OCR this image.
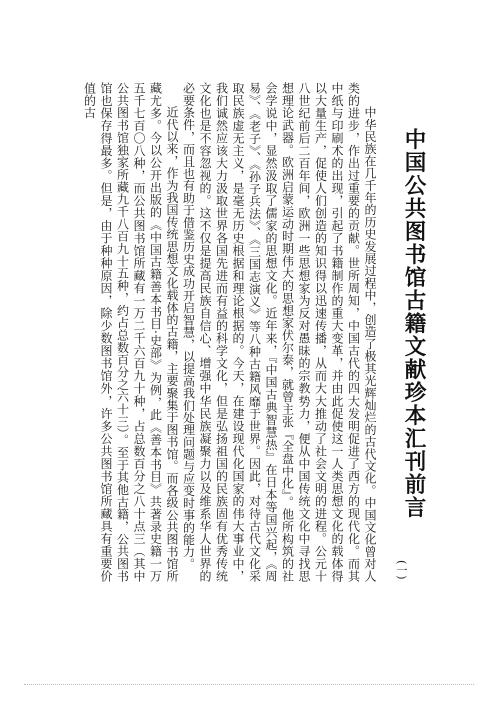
中国公共图书馆古籍文献珍本汇刊前言

中华民族在几千年的历史发展过程中，创造了极其光辉灿烂的古代文化。中国文化曾对人类的进步，作出过重要的贡献。世所周知，中国古代的四大发明促进了西方的现代化。而其中纸与印刷术的出现，引起了书籍制作的重大变革，并由此促使这一人类思想文化的载体得以大量生产，促使人们创造的知识得以迅速传播，从而大大推动了社会文明的进程。公元十八世纪前后二百年间，欧洲一些思想家为反对愚昧的宗教势力，便从中国传统文化中寻找思想理论武器。欧洲启蒙运动时期伟大的思想家伏尔泰，就曾主张『全盘中化』。他所构筑的社会学说中，显然汲取了儒家的思想文化。近年来，『中国古典智慧热』在日本等国兴起，《周易》、《老子》、《孙子兵法》、《三国志演义》等八种古籍风靡于世界。因此，对待古代文化采取民族虚无主义，是毫无历史根据和理论根据的。今天，在建设现代化国家的伟大事业中，我们诚然应该大力汲取世界各国先进而有益的科学文化，但是弘扬祖国的民族固有优秀传统文化也是不容忽视的。这不仅是提高民族自信心、增强中华民族凝聚力以及维系华人世界的必要条件，而且也有助于借鉴历史成功开启智慧，以提高我们处理问题与应变时事的能力。

近代以来，作为我国传统思想文化载体的古籍，主要聚集于图书馆。而各级公共图书馆所藏尤多。今以公开出版的《中国古籍善本书目·史部》为例，此《善本书目》共著录史籍一万五千七百〇八种，而公共图书馆所藏有一万二千六百九十种，占总数百分之八十点三（其中公共图书馆独家所藏九千八百九十五种，约占总数百分之六十三）。至于其他古籍，公共图书馆也保存得最多。但是，由于种种原因，除少数图书馆外，许多公共图书馆所藏具有重要价值的古

(一)
